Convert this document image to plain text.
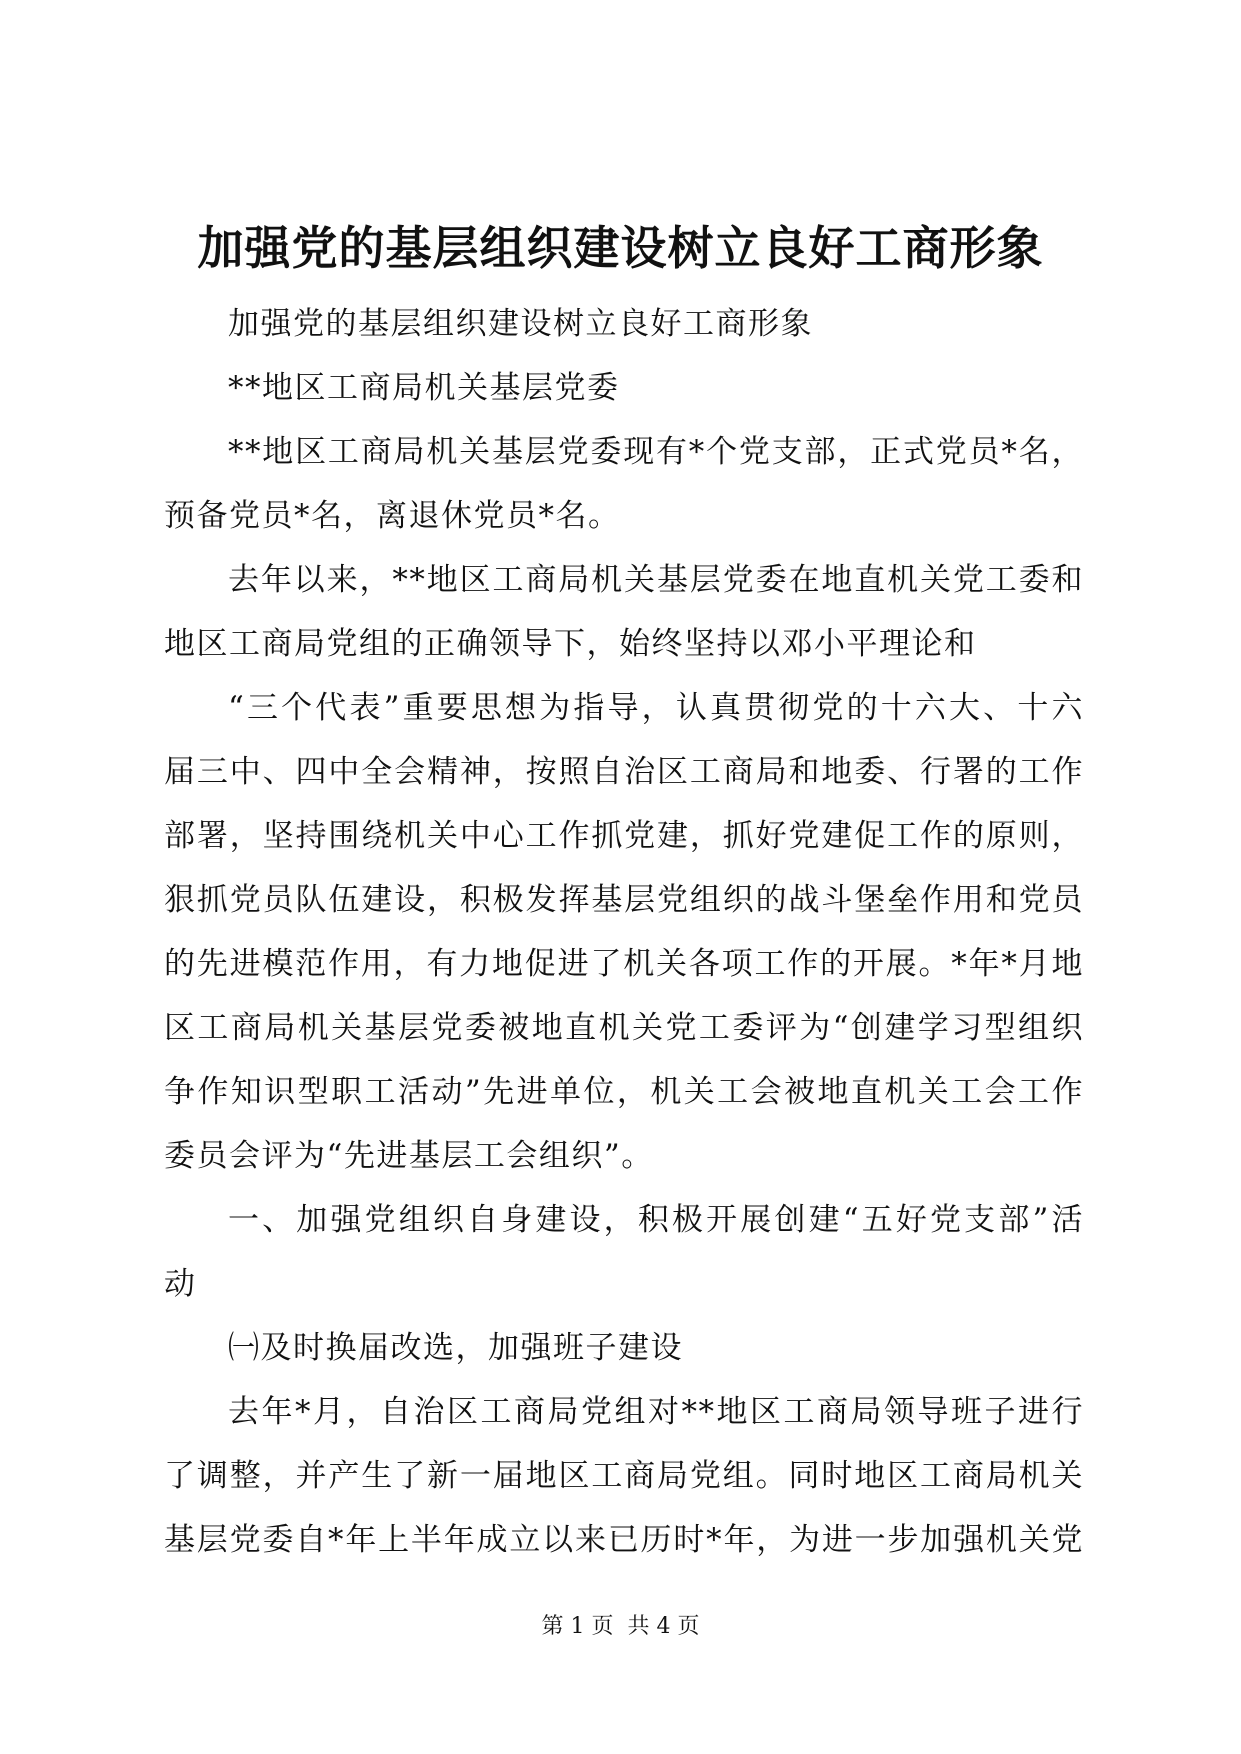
加强党的基层组织建设树立良好工商形象
加强党的基层组织建设树立良好工商形象
**地区工商局机关基层党委
**地区工商局机关基层党委现有*个党支部，正式党员*名，
预备党员*名，离退休党员*名。
去年以来，**地区工商局机关基层党委在地直机关党工委和
地区工商局党组的正确领导下，始终坚持以邓小平理论和
“三个代表”重要思想为指导，认真贯彻党的十六大、十六
届三中、四中全会精神，按照自治区工商局和地委、行署的工作
部署，坚持围绕机关中心工作抓党建，抓好党建促工作的原则，
狠抓党员队伍建设，积极发挥基层党组织的战斗堡垒作用和党员
的先进模范作用，有力地促进了机关各项工作的开展。*年*月地
区工商局机关基层党委被地直机关党工委评为“创建学习型组织
争作知识型职工活动”先进单位，机关工会被地直机关工会工作
委员会评为“先进基层工会组织”。
一、加强党组织自身建设，积极开展创建“五好党支部”活
动
㈠及时换届改选，加强班子建设
去年*月，自治区工商局党组对**地区工商局领导班子进行
了调整，并产生了新一届地区工商局党组。同时地区工商局机关
基层党委自*年上半年成立以来已历时*年，为进一步加强机关党
第 1 页 共 4 页
